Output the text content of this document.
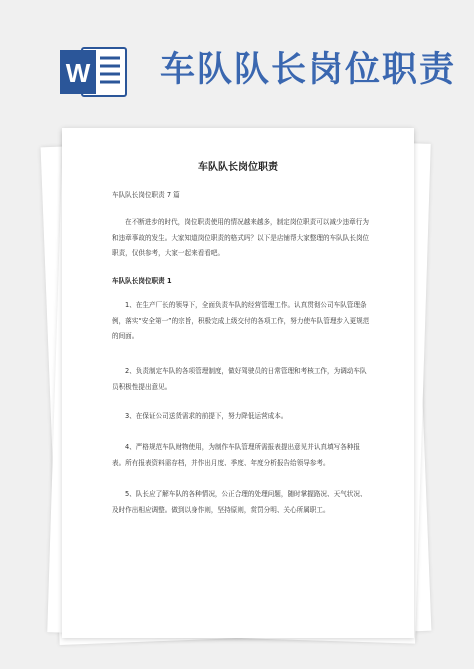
W 车队队长岗位职责
车队队长岗位职责
车队队长岗位职责 7 篇
在不断进步的时代，岗位职责使用的情况越来越多，制定岗位职责可以减少违章行为和违章事故的发生。大家知道岗位职责的格式吗？以下是店铺帮大家整理的车队队长岗位职责，仅供参考，大家一起来看看吧。
车队队长岗位职责 1
1、在生产厂长的领导下，全面负责车队的经营管理工作。认真贯彻公司车队管理条例，落实“安全第一”的宗旨，积极完成上级交付的各项工作，努力使车队管理步入更规范的间面。
2、负责制定车队的各项管理制度，做好驾驶员的日常管理和考核工作，为调动车队员积极性提出意见。
3、在保证公司送货需求的前提下，努力降低运营成本。
4、严格规范车队财物使用，为制作车队管理所需报表提出意见并认真填写各种报表。所有报表资料需存档，并作出月度、季度、年度分析报告给领导参考。
5、队长应了解车队的各种情况，公正合理的处理问题，随时掌握路况、天气状况、及时作出相应调整。做到以身作则，坚持原则，赏罚分明、关心所属职工。
